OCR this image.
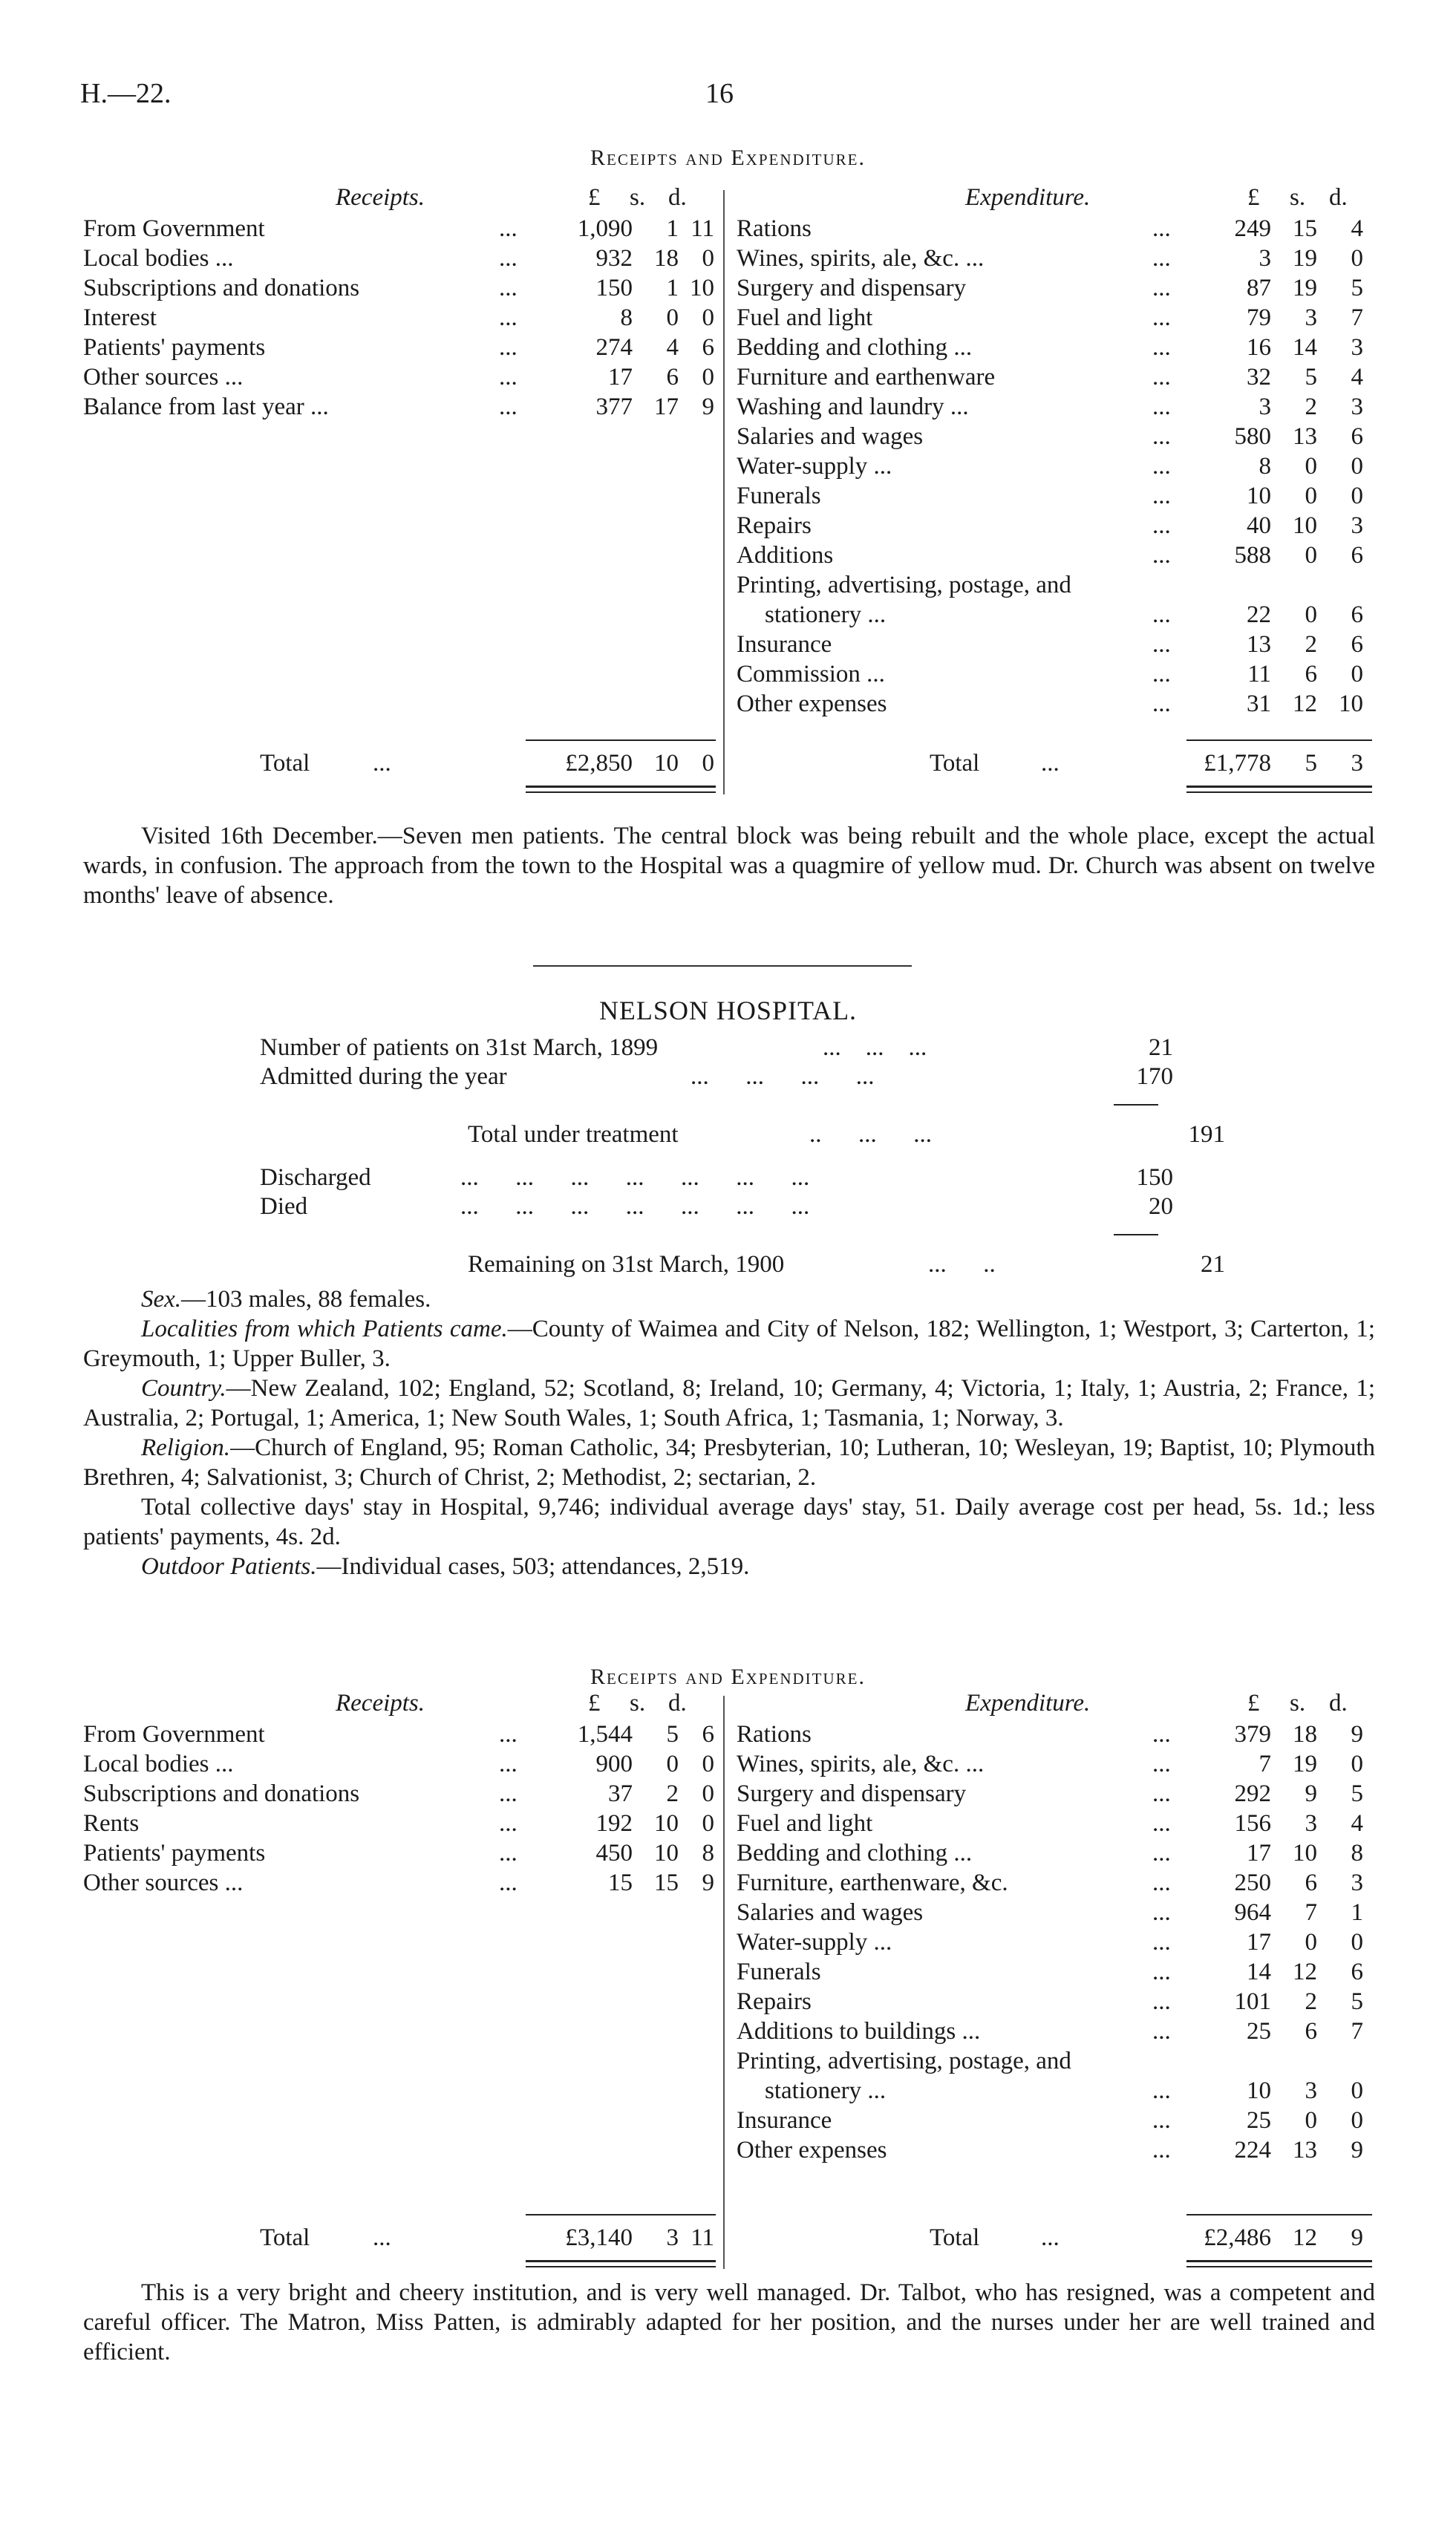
H.—22.	16
Receipts and Expenditure.
Receipts.	Expenditure.
£ s. d.	£ s. d.
From Government	...	1,090	1 11
Local bodies ...	...	932 18 0
Subscriptions and donations	...	150	1 10
Interest	...	8	0 0
Patients' payments	...	274	4 6
Other sources ...	...	17	6 0
Balance from last year ...	...	377 17 9
Rations	...	249 15	4
Wines, spirits, ale, &c. ...	...	3 19	0
Surgery and dispensary	...	87 19	5
Fuel and light	...	79	3	7
Bedding and clothing ...	...	16 14	3
Furniture and earthenware	...	32	5	4
Washing and laundry ...	...	3	2	3
Salaries and wages	...	580 13	6
Water-supply ...	...	8	0	0
Funerals	...	10	0	0
Repairs	...	40 10	3
Additions	...	588	0	6
Printing, advertising, postage, and
stationery ...	...	22	0	6
Insurance	...	13	2	6
Commission ...	...	11	6	0
Other expenses	...	31 12 10
Total	...	£2,850 10 0	Total	...	£1,778	5	3

Visited 16th December.—Seven men patients. The central block was being rebuilt and the whole place, except the actual wards, in confusion. The approach from the town to the Hospital was a quagmire of yellow mud. Dr. Church was absent on twelve months' leave of absence.

NELSON HOSPITAL.
Number of patients on 31st March, 1899	...    ...    ...	21
Admitted during the year	...      ...      ...      ...	170
Total under treatment	..      ...      ...	191
Discharged	...      ...      ...      ...      ...      ...      ...	150
Died	...      ...      ...      ...      ...      ...      ...	20
Remaining on 31st March, 1900	...      ..	21

Sex.—103 males, 88 females.

Localities from which Patients came.—County of Waimea and City of Nelson, 182; Wellington, 1; Westport, 3; Carterton, 1; Greymouth, 1; Upper Buller, 3.

Country.—New Zealand, 102; England, 52; Scotland, 8; Ireland, 10; Germany, 4; Victoria, 1; Italy, 1; Austria, 2; France, 1; Australia, 2; Portugal, 1; America, 1; New South Wales, 1; South Africa, 1; Tasmania, 1; Norway, 3.

Religion.—Church of England, 95; Roman Catholic, 34; Presbyterian, 10; Lutheran, 10; Wesleyan, 19; Baptist, 10; Plymouth Brethren, 4; Salvationist, 3; Church of Christ, 2; Methodist, 2; sectarian, 2.

Total collective days' stay in Hospital, 9,746; individual average days' stay, 51. Daily average cost per head, 5s. 1d.; less patients' payments, 4s. 2d.

Outdoor Patients.—Individual cases, 503; attendances, 2,519.

Receipts and Expenditure.
Receipts.	Expenditure.
£ s. d.	£ s. d.
From Government	...	1,544	5 6
Local bodies ...	...	900	0 0
Subscriptions and donations	...	37	2 0
Rents	...	192 10 0
Patients' payments	...	450 10 8
Other sources ...	...	15 15 9
Rations	...	379 18	9
Wines, spirits, ale, &c. ...	...	7 19	0
Surgery and dispensary	...	292	9	5
Fuel and light	...	156	3	4
Bedding and clothing ...	...	17 10	8
Furniture, earthenware, &c.	...	250	6	3
Salaries and wages	...	964	7	1
Water-supply ...	...	17	0	0
Funerals	...	14 12	6
Repairs	...	101	2	5
Additions to buildings ...	...	25	6	7
Printing, advertising, postage, and
stationery ...	...	10	3	0
Insurance	...	25	0	0
Other expenses	...	224 13	9
Total	...	£3,140	3 11	Total	...	£2,486 12	9

This is a very bright and cheery institution, and is very well managed. Dr. Talbot, who has resigned, was a competent and careful officer. The Matron, Miss Patten, is admirably adapted for her position, and the nurses under her are well trained and efficient.
